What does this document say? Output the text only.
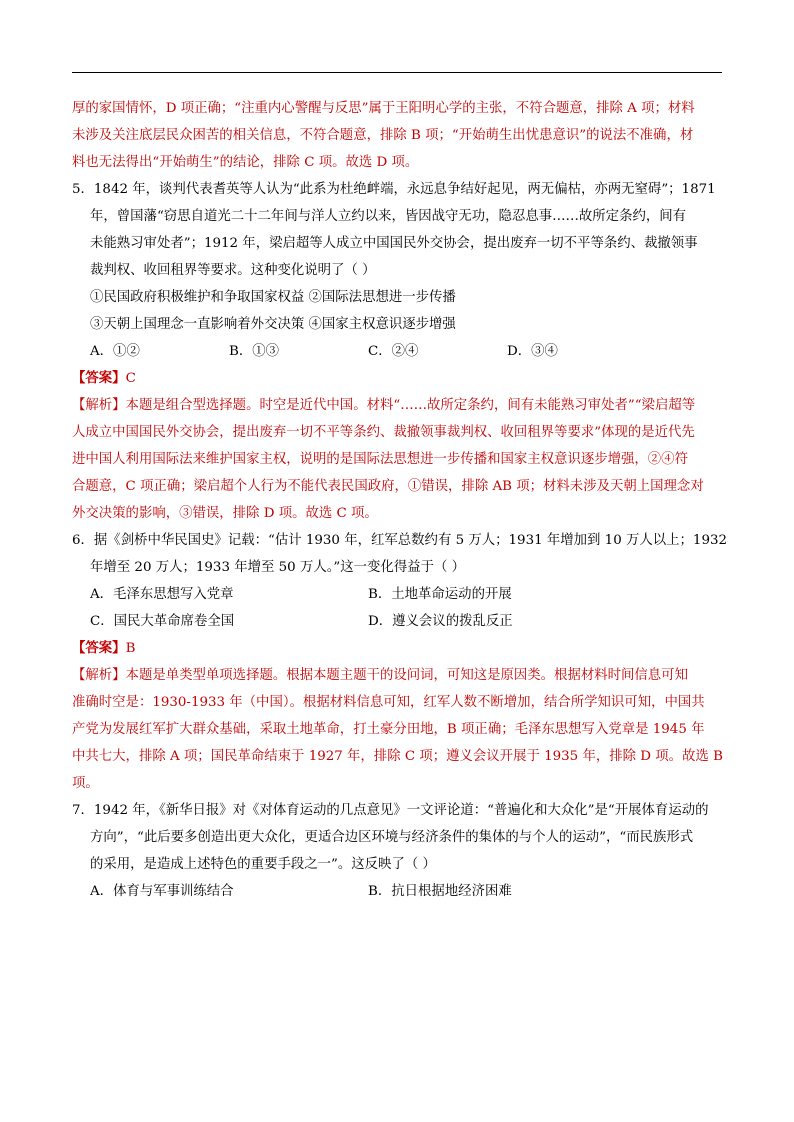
厚的家国情怀，D 项正确；“注重内心警醒与反思”属于王阳明心学的主张，不符合题意，排除 A 项；材料
未涉及关注底层民众困苦的相关信息，不符合题意，排除 B 项；“开始萌生出忧患意识”的说法不准确，材
料也无法得出“开始萌生”的结论，排除 C 项。故选 D 项。
5．1842 年，谈判代表耆英等人认为“此系为杜绝衅端，永远息争结好起见，两无偏枯，亦两无窒碍”；1871
年，曾国藩“窃思自道光二十二年间与洋人立约以来，皆因战守无功，隐忍息事……故所定条约，间有
未能熟习审处者”；1912 年，梁启超等人成立中国国民外交协会，提出废弃一切不平等条约、裁撤领事
裁判权、收回租界等要求。这种变化说明了（ ）
①民国政府积极维护和争取国家权益 ②国际法思想进一步传播
③天朝上国理念一直影响着外交决策 ④国家主权意识逐步增强
A．①②	B．①③	C．②④	D．③④
【答案】C
【解析】本题是组合型选择题。时空是近代中国。材料“……故所定条约，间有未能熟习审处者”“梁启超等
人成立中国国民外交协会，提出废弃一切不平等条约、裁撤领事裁判权、收回租界等要求”体现的是近代先
进中国人利用国际法来维护国家主权，说明的是国际法思想进一步传播和国家主权意识逐步增强，②④符
合题意，C 项正确；梁启超个人行为不能代表民国政府，①错误，排除 AB 项；材料未涉及天朝上国理念对
外交决策的影响，③错误，排除 D 项。故选 C 项。
6．据《剑桥中华民国史》记载：“估计 1930 年，红军总数约有 5 万人；1931 年增加到 10 万人以上；1932
年增至 20 万人；1933 年增至 50 万人。”这一变化得益于（ ）
A．毛泽东思想写入党章	B．土地革命运动的开展
C．国民大革命席卷全国	D．遵义会议的拨乱反正
【答案】B
【解析】本题是单类型单项选择题。根据本题主题干的设问词，可知这是原因类。根据材料时间信息可知
准确时空是：1930-1933 年（中国）。根据材料信息可知，红军人数不断增加，结合所学知识可知，中国共
产党为发展红军扩大群众基础，采取土地革命，打土豪分田地，B 项正确；毛泽东思想写入党章是 1945 年
中共七大，排除 A 项；国民革命结束于 1927 年，排除 C 项；遵义会议开展于 1935 年，排除 D 项。故选 B
项。
7．1942 年，《新华日报》对《对体育运动的几点意见》一文评论道：“普遍化和大众化”是“开展体育运动的
方向”，“此后要多创造出更大众化，更适合边区环境与经济条件的集体的与个人的运动”，“而民族形式
的采用，是造成上述特色的重要手段之一”。这反映了（ ）
A．体育与军事训练结合	B．抗日根据地经济困难
